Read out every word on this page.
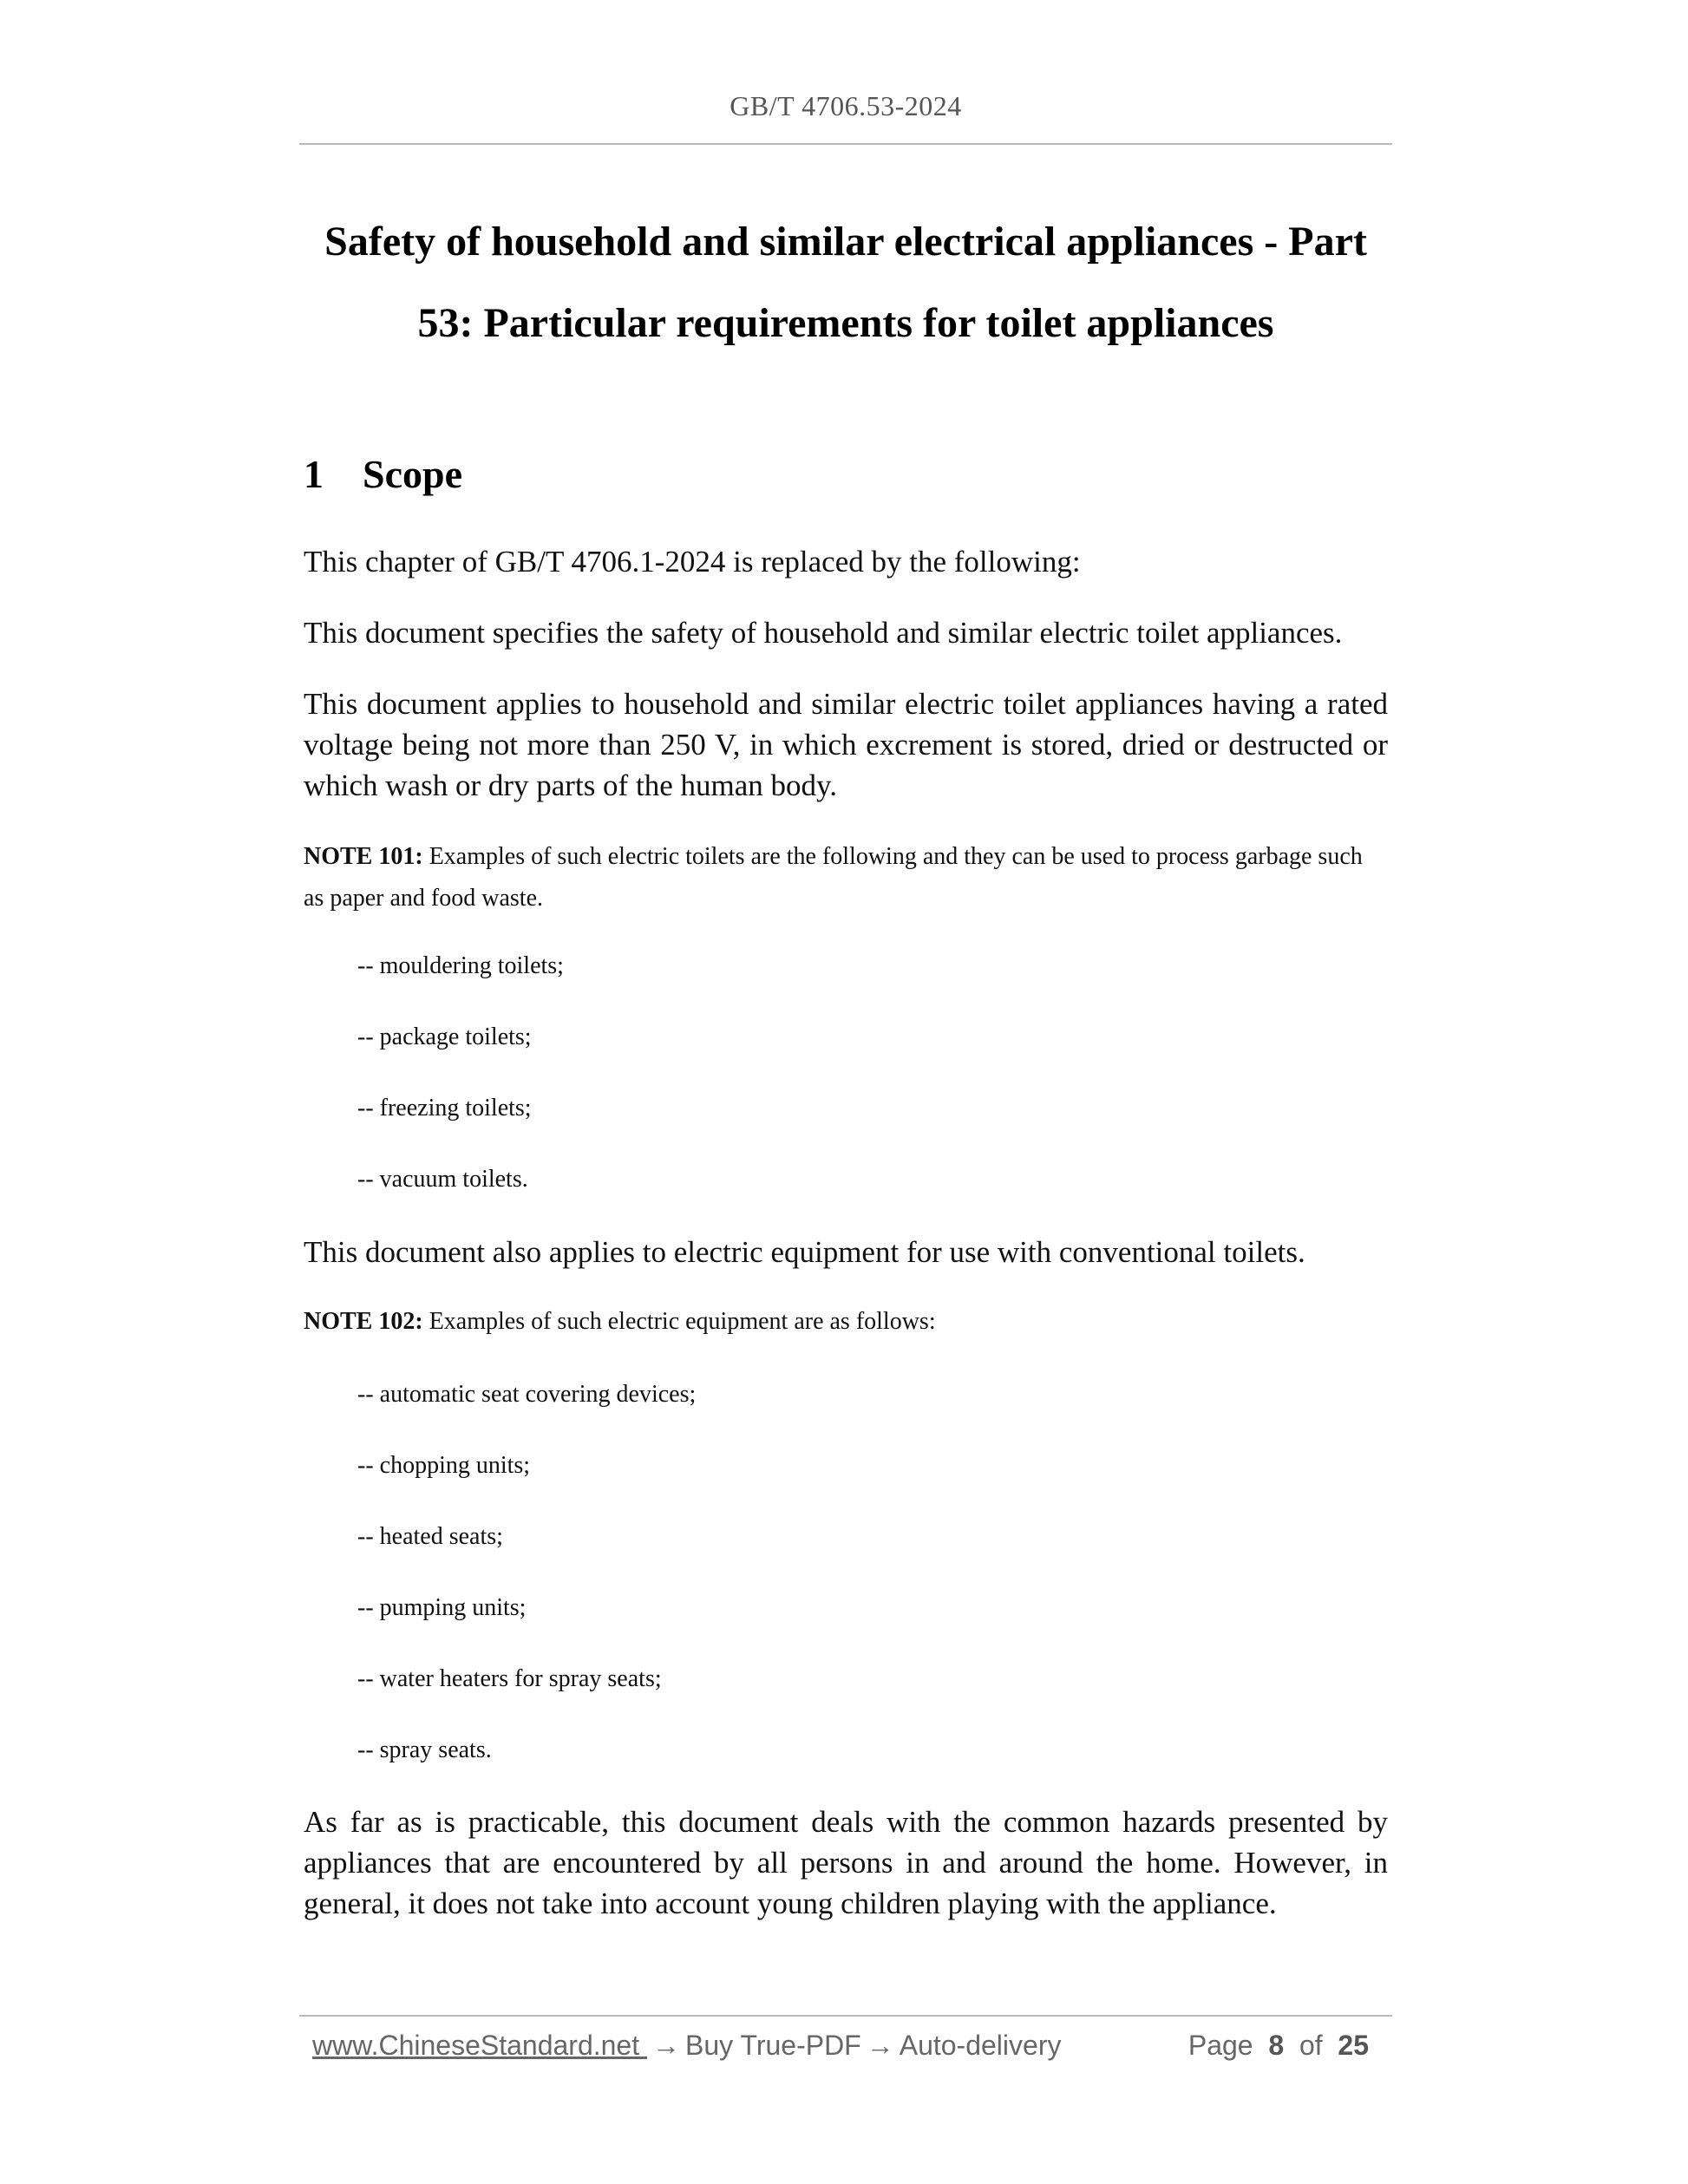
GB/T 4706.53-2024
Safety of household and similar electrical appliances - Part
53: Particular requirements for toilet appliances
1 Scope
This chapter of GB/T 4706.1-2024 is replaced by the following:
This document specifies the safety of household and similar electric toilet appliances.
This document applies to household and similar electric toilet appliances having a rated voltage being not more than 250 V, in which excrement is stored, dried or destructed or which wash or dry parts of the human body.
NOTE 101: Examples of such electric toilets are the following and they can be used to process garbage such as paper and food waste.
-- mouldering toilets;
-- package toilets;
-- freezing toilets;
-- vacuum toilets.
This document also applies to electric equipment for use with conventional toilets.
NOTE 102: Examples of such electric equipment are as follows:
-- automatic seat covering devices;
-- chopping units;
-- heated seats;
-- pumping units;
-- water heaters for spray seats;
-- spray seats.
As far as is practicable, this document deals with the common hazards presented by appliances that are encountered by all persons in and around the home. However, in general, it does not take into account young children playing with the appliance.
www.ChineseStandard.net → Buy True-PDF → Auto-delivery	Page 8 of 25
